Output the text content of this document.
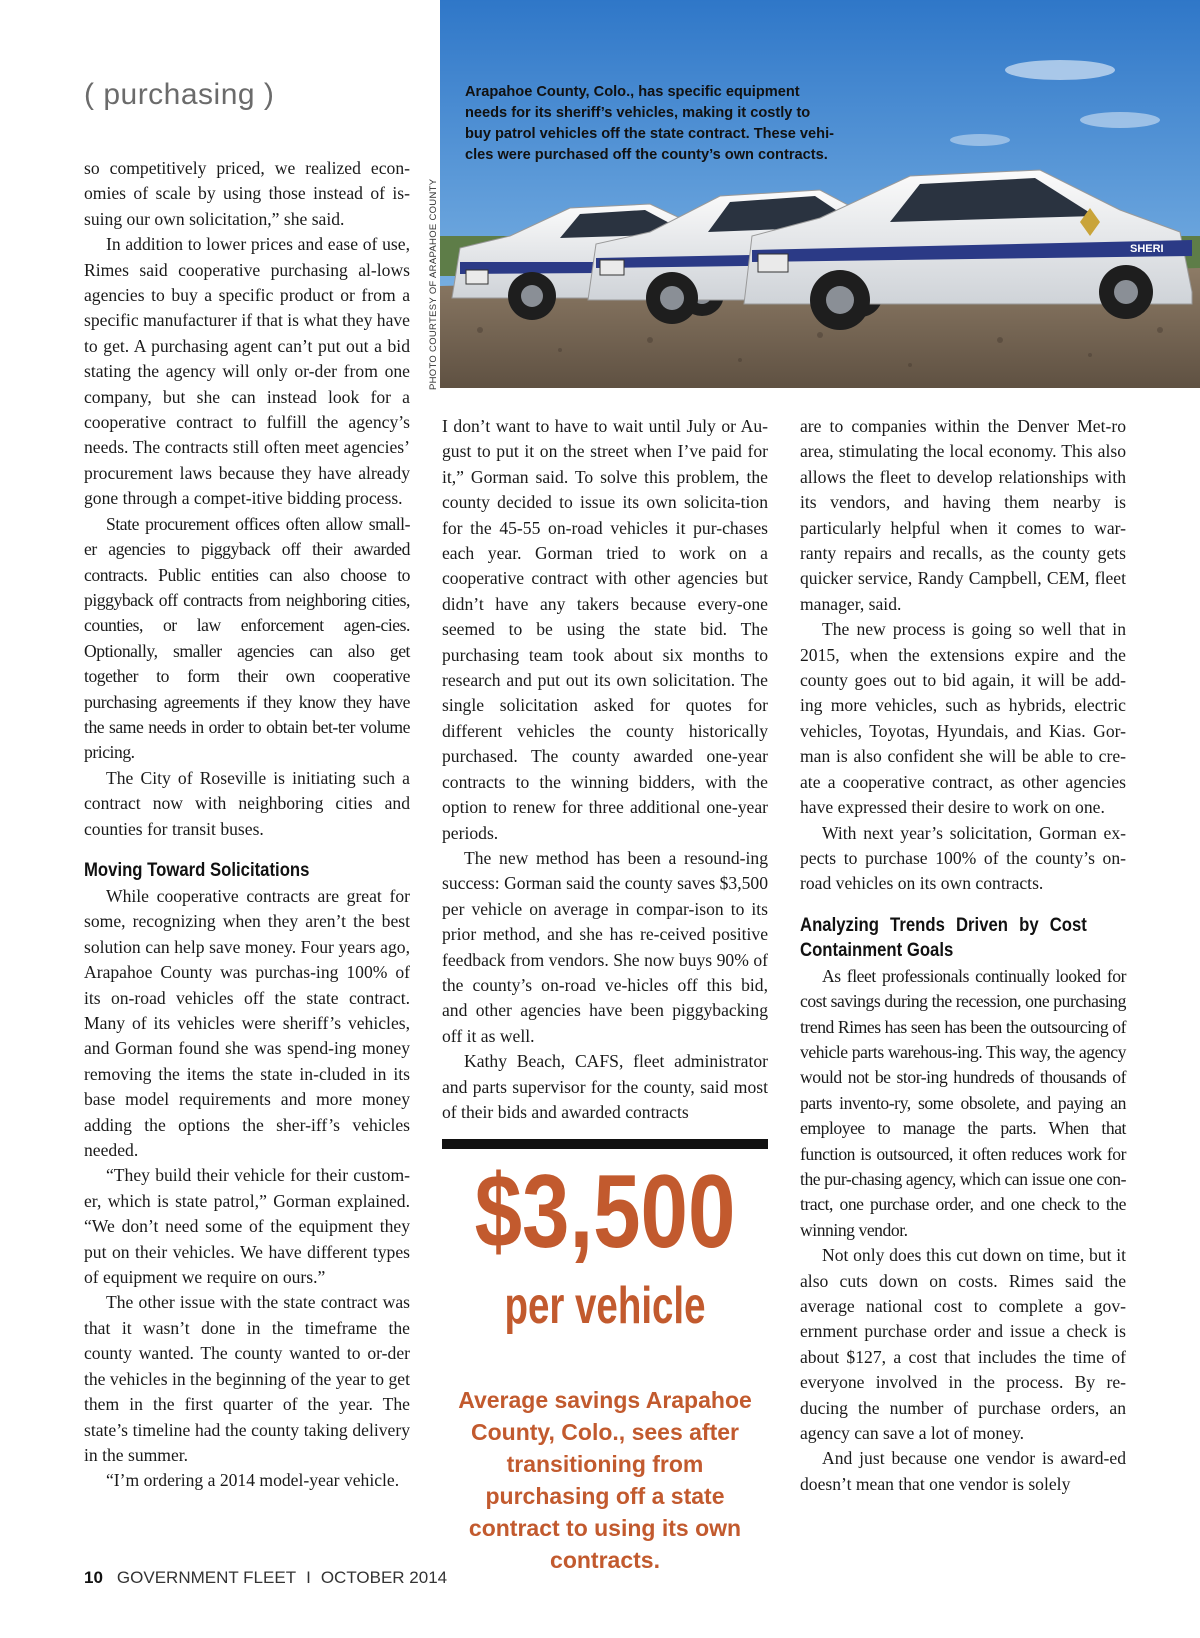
( purchasing )
SHERI
Arapahoe County, Colo., has specific equipment needs for its sheriff’s vehicles, making it costly to buy patrol vehicles off the state contract. These vehi-cles were purchased off the county’s own contracts.
PHOTO COURTESY OF ARAPAHOE COUNTY

so competitively priced, we realized econ-omies of scale by using those instead of is-suing our own solicitation,” she said.

In addition to lower prices and ease of use, Rimes said cooperative purchasing al-lows agencies to buy a specific product or from a specific manufacturer if that is what they have to get. A purchasing agent can’t put out a bid stating the agency will only or-der from one company, but she can instead look for a cooperative contract to fulfill the agency’s needs. The contracts still often meet agencies’ procurement laws because they have already gone through a compet-itive bidding process.

State procurement offices often allow small-er agencies to piggyback off their awarded contracts. Public entities can also choose to piggyback off contracts from neighboring cities, counties, or law enforcement agen-cies. Optionally, smaller agencies can also get together to form their own cooperative purchasing agreements if they know they have the same needs in order to obtain bet-ter volume pricing.

The City of Roseville is initiating such a contract now with neighboring cities and counties for transit buses.

Moving Toward Solicitations

While cooperative contracts are great for some, recognizing when they aren’t the best solution can help save money. Four years ago, Arapahoe County was purchas-ing 100% of its on-road vehicles off the state contract. Many of its vehicles were sheriff’s vehicles, and Gorman found she was spend-ing money removing the items the state in-cluded in its base model requirements and more money adding the options the sher-iff’s vehicles needed.

“They build their vehicle for their custom-er, which is state patrol,” Gorman explained. “We don’t need some of the equipment they put on their vehicles. We have different types of equipment we require on ours.”

The other issue with the state contract was that it wasn’t done in the timeframe the county wanted. The county wanted to or-der the vehicles in the beginning of the year to get them in the first quarter of the year. The state’s timeline had the county taking delivery in the summer.

“I’m ordering a 2014 model-year vehicle.

I don’t want to have to wait until July or Au-gust to put it on the street when I’ve paid for it,” Gorman said. To solve this problem, the county decided to issue its own solicita-tion for the 45-55 on-road vehicles it pur-chases each year. Gorman tried to work on a cooperative contract with other agencies but didn’t have any takers because every-one seemed to be using the state bid. The purchasing team took about six months to research and put out its own solicitation. The single solicitation asked for quotes for different vehicles the county historically purchased. The county awarded one-year contracts to the winning bidders, with the option to renew for three additional one-year periods.

The new method has been a resound-ing success: Gorman said the county saves $3,500 per vehicle on average in compar-ison to its prior method, and she has re-ceived positive feedback from vendors. She now buys 90% of the county’s on-road ve-hicles off this bid, and other agencies have been piggybacking off it as well.

Kathy Beach, CAFS, fleet administrator and parts supervisor for the county, said most of their bids and awarded contracts

$3,500
per vehicle
Average savings Arapahoe County, Colo., sees after transitioning from purchasing off a state contract to using its own contracts.

are to companies within the Denver Met-ro area, stimulating the local economy. This also allows the fleet to develop relationships with its vendors, and having them nearby is particularly helpful when it comes to war-ranty repairs and recalls, as the county gets quicker service, Randy Campbell, CEM, fleet manager, said.

The new process is going so well that in 2015, when the extensions expire and the county goes out to bid again, it will be add-ing more vehicles, such as hybrids, electric vehicles, Toyotas, Hyundais, and Kias. Gor-man is also confident she will be able to cre-ate a cooperative contract, as other agencies have expressed their desire to work on one.

With next year’s solicitation, Gorman ex-pects to purchase 100% of the county’s on-road vehicles on its own contracts.

Analyzing Trends Driven by Cost Containment Goals

As fleet professionals continually looked for cost savings during the recession, one purchasing trend Rimes has seen has been the outsourcing of vehicle parts warehous-ing. This way, the agency would not be stor-ing hundreds of thousands of parts invento-ry, some obsolete, and paying an employee to manage the parts. When that function is outsourced, it often reduces work for the pur-chasing agency, which can issue one con-tract, one purchase order, and one check to the winning vendor.

Not only does this cut down on time, but it also cuts down on costs. Rimes said the average national cost to complete a gov-ernment purchase order and issue a check is about $127, a cost that includes the time of everyone involved in the process. By re-ducing the number of purchase orders, an agency can save a lot of money.

And just because one vendor is award-ed doesn’t mean that one vendor is solely

10 GOVERNMENT FLEET I OCTOBER 2014
